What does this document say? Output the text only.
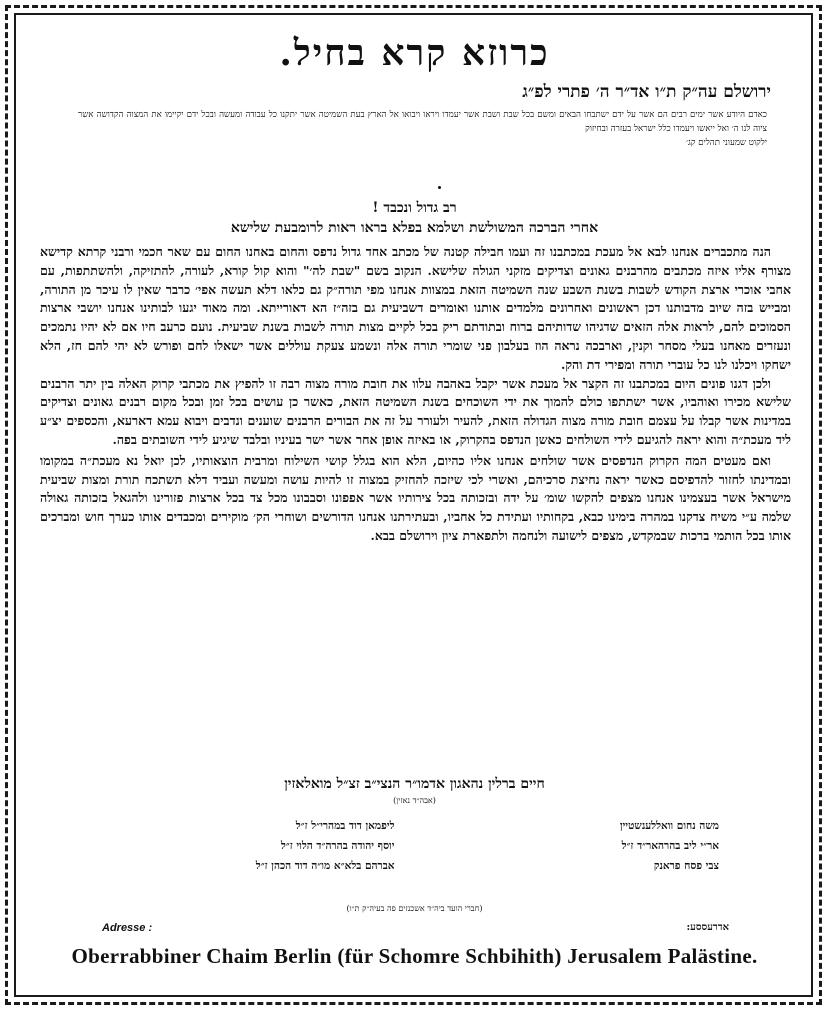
כרוזא קרא בחיל.
ירושלם עה״ק ת״ו אד״ר ה׳ פתרי לפ״ג
כאדם היודע אשר ימים רבים הם אשר על ידם ישתבחו הבאים ומשם בכל שבת ושבת אשר יעמדו ויראו ויבואו אל הארץ בעת השמיטה אשר יתקנו כל עבודה ומעשה ובכל ידם יקיימו את המצוה הקדושה אשר ציוה לנו ה׳ ואל ייאשו ויעמדו כלל ישראל בעזרה ובחיזוק
ילקוט שמעוני תהלים קג׳
רב גדול ונכבד !
אחרי הברכה המשולשת ושלמא בפלא בראו ראות לרומבעת שלישא

הנה מתכברים אנחנו לבא אל מעכת במכתבנו זה ועמו חבילה קטנה של מכתב אחד גדול נדפס והחום באחנו החום עם שאר חכמי ורבני קרתא קדישא מצורף אליו איזה מכתבים מהרבנים גאונים וצדיקים מזקני הגולה שלישא. הנקוב בשם "שבת לה׳" והוא קול קורא, לעורה, להתזיקה, ולהשתתפות, עם אחבי אוכרי ארצת הקודש לשבות בשנת השבע שנה השמיטה הזאת במצוות אנחנו מפי תורה״ק גם כלאו דלא תעשה אפי׳ כרבר שאין לו עיכר מן התורה, ומבייש בזה שיוב מדבותנו דכן ראשונים ואחרונים מלמדים אותנו ואומרים דשביעית גם בזה״ז הא דאורייתא. ומה מאוד יגעו לבותינו אנחנו יושבי ארצות הסמוכים להם, לראות אלה הזאים שדגיהו שדותיהם ברוח ובתודתם ריק בכל לקיים מצות תורה לשבות בשנת שביעית. נועם כרעב חיו אם לא יהיו נתמכים ונעזרים מאחנו בעלי מסחר וקנין, וארבכה נראה הוז בעלבון פני שומרי תורה אלה ונשמע צעקת עוללים אשר ישאלו לחם ופורש לא יהי להם חז, הלא ישחקו ויכלנו לנו כל עוברי תורה ומפירי דת והק.

ולכן דגנו פונים היום במכתבנו זה הקצר אל מעכת אשר יקבל באהבה עלוו את חובת מורה מצוה רבה זו להפיץ את מכתבי קרוק האלה בין יתר הרבנים שלישא מכירו ואוהביו, אשר ישתתפו כולם להמוך את ידי השוכחים בשנת השמיטה הזאת, כאשר כן עושים בכל זמן ובכל מקום רבנים גאונים וצדיקים במדינות אשר קבלו על עצמם חובת מורה מצוה הגדולה הזאת, להעיר ולעורר על זה את הבורים הרבנים שוענים ונדבים ויבוא עמא דארעא, והכספים יצ״ע ליד מעכת״ה והוא יראה להגיעם לידי השולחים כאשן הנדפס בהקרוק, או באיזה אופן אחר אשר ישר בעיניו ובלבד שיגיע לידי השובתים בפה.

ואם מעטים המה הקרוק הנדפסים אשר שולחים אנחנו אליו כהיום, הלא הוא בגלל קושי השילוח ומרבית הוצאותיו, לכן יואל נא מעכת״ה במקומו ובמדינתו לחזור להדפיסם כאשר יראה נחיצת סרכיהם, ואשרי לכי שיזכה להחזיק במצוה זו להיות עושה ומעשה ועביד דלא תשתכח תורת ומצות שביעית מישראל אשר בעצמינו אנחנו מצפים להקשו שומ׳ על ידה ובזכותה בכל צירותיו אשר אפפונו וסבבונו מכל צד בכל ארצות פזורינו ולהגאל בזכותה גאולה שלמה ע״י משיח צדקנו במהרה בימינו כבא, בקחותיו ועתידת כל אחביו, ובעתירתנו אנחנו הדורשים ושוחרי הק׳ מוקירים ומכבדים אותו כערך חוש ומברכים אותו בכל הותמי ברכות שבמקדש, מצפים לישועה ולנחמה ולתפארת ציון וירושלם בבא.

חיים ברלין נהאגון אדמו״ר הנצי״ב זצ״ל מואלאזין
(אבה״ד נאזין)
משה נחום וואללענשטיין
ליפמאן דוד במהרי״ל ז״ל
אר״י ליב בהרהאר״ד ז״ל
יוסף יהודה בהרה״ד הלוי ז״ל
צבי פסח פראנק
אברהם בלא״א מו״ה דוד הכהן ז״ל
(חברי הועד ביה״ד אשכנזים פה בעיה״ק ת״ו)
Adresse :	אדרעססע:
Oberrabbiner Chaim Berlin (für Schomre Schbihith) Jerusalem Palästine.
